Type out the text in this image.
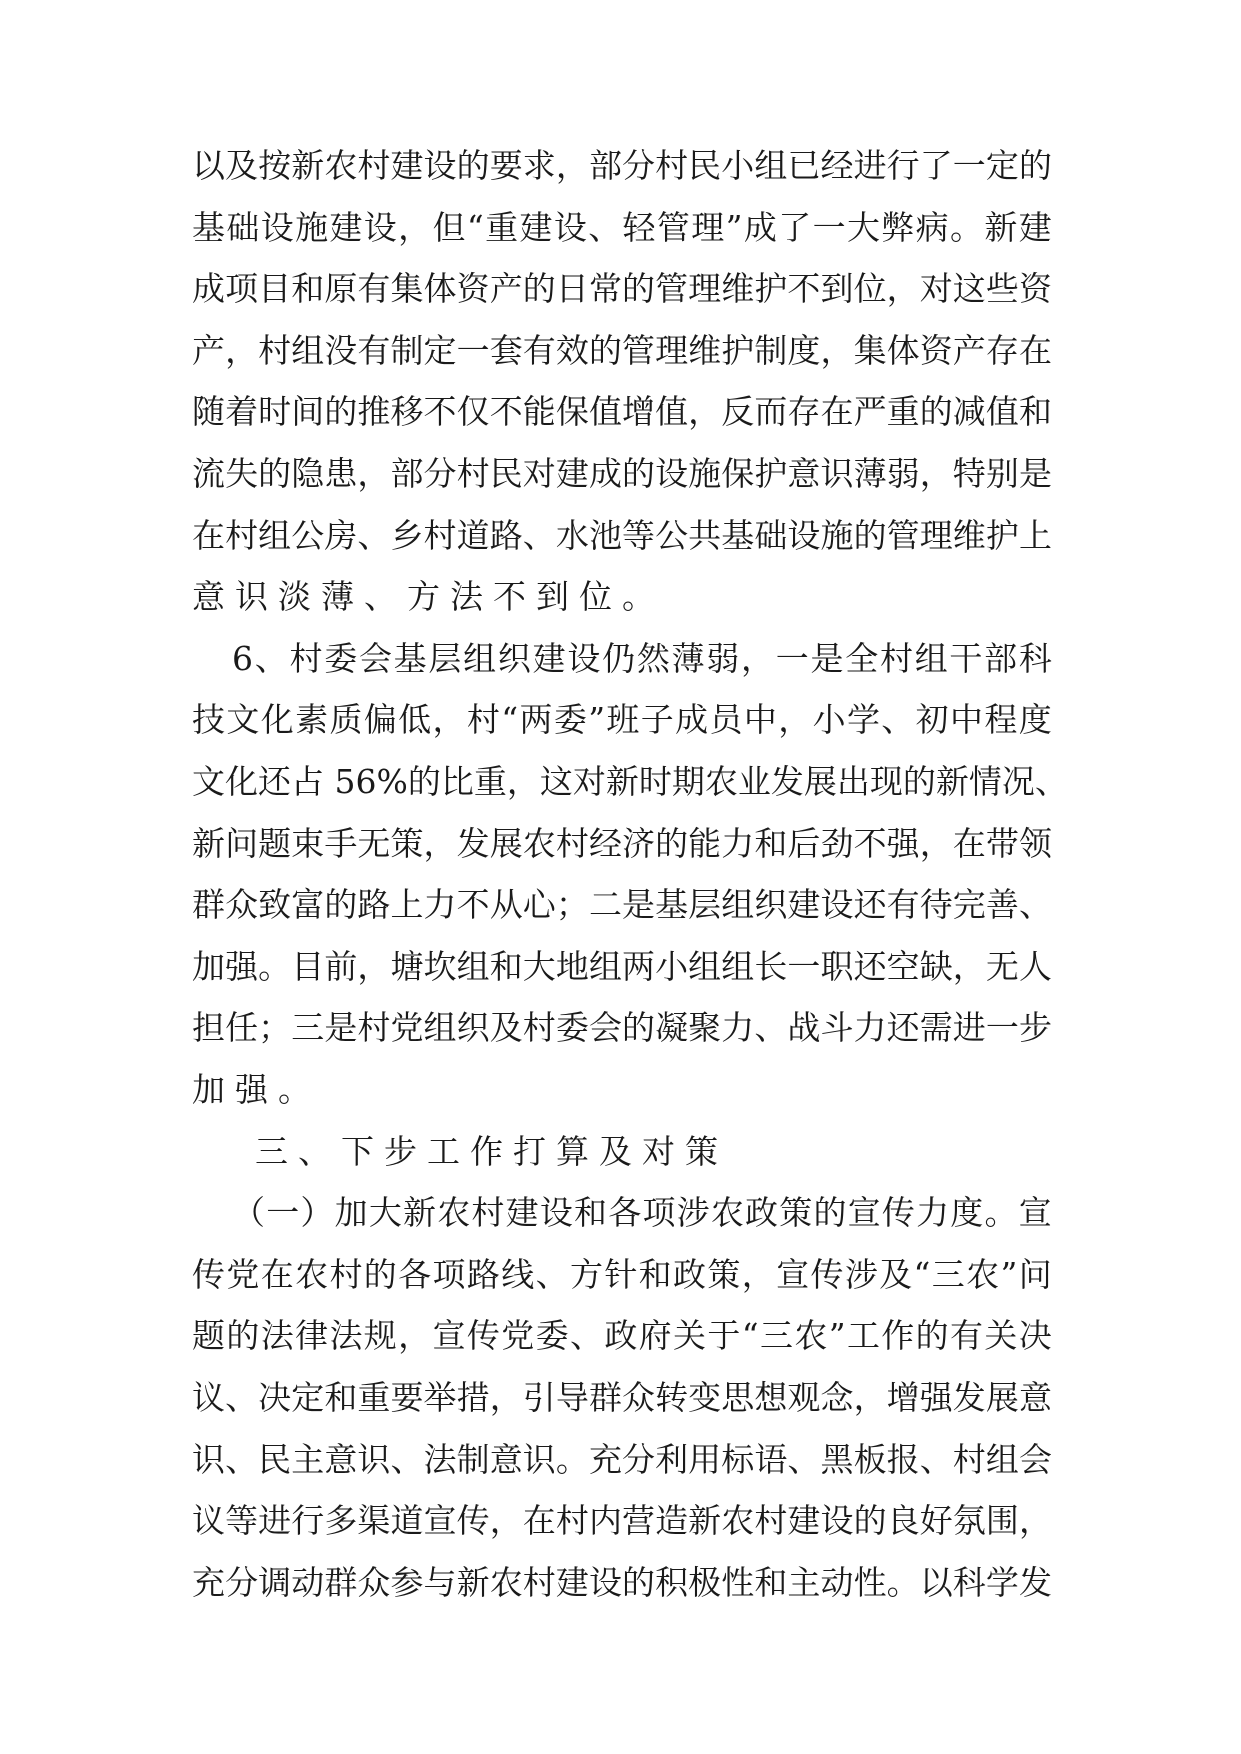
以 及 按 新 农 村 建 设 的 要 求 ， 部 分 村 民 小 组 已 经 进 行 了 一 定 的
基 础 设 施 建 设 ， 但 “ 重 建 设 、 轻 管 理 ” 成 了 一 大 弊 病 。 新 建
成 项 目 和 原 有 集 体 资 产 的 日 常 的 管 理 维 护 不 到 位 ， 对 这 些 资
产 ， 村 组 没 有 制 定 一 套 有 效 的 管 理 维 护 制 度 ， 集 体 资 产 存 在
随 着 时 间 的 推 移 不 仅 不 能 保 值 增 值 ， 反 而 存 在 严 重 的 减 值 和
流 失 的 隐 患 ， 部 分 村 民 对 建 成 的 设 施 保 护 意 识 薄 弱 ， 特 别 是
在 村 组 公 房 、 乡 村 道 路 、 水 池 等 公 共 基 础 设 施 的 管 理 维 护 上
意 识 淡 薄 、 方 法 不 到 位 。
6 、 村 委 会 基 层 组 织 建 设 仍 然 薄 弱 ， 一 是 全 村 组 干 部 科
技 文 化 素 质 偏 低 ， 村 “ 两 委 ” 班 子 成 员 中 ， 小 学 、 初 中 程 度
文 化 还 占
56% 的 比 重 ， 这 对 新 时 期 农 业 发 展 出 现 的 新 情 况 、
新 问 题 束 手 无 策 ， 发 展 农 村 经 济 的 能 力 和 后 劲 不 强 ， 在 带 领
群 众 致 富 的 路 上 力 不 从 心 ； 二 是 基 层 组 织 建 设 还 有 待 完 善 、
加 强 。 目 前 ， 塘 坎 组 和 大 地 组 两 小 组 组 长 一 职 还 空 缺 ， 无 人
担 任 ； 三 是 村 党 组 织 及 村 委 会 的 凝 聚 力 、 战 斗 力 还 需 进 一 步
加 强 。
三 、 下 步 工 作 打 算 及 对 策
（ 一 ） 加 大 新 农 村 建 设 和 各 项 涉 农 政 策 的 宣 传 力 度 。 宣
传 党 在 农 村 的 各 项 路 线 、 方 针 和 政 策 ， 宣 传 涉 及 “ 三 农 ” 问
题 的 法 律 法 规 ， 宣 传 党 委 、 政 府 关 于 “ 三 农 ” 工 作 的 有 关 决
议 、 决 定 和 重 要 举 措 ， 引 导 群 众 转 变 思 想 观 念 ， 增 强 发 展 意
识 、 民 主 意 识 、 法 制 意 识 。 充 分 利 用 标 语 、 黑 板 报 、 村 组 会
议 等 进 行 多 渠 道 宣 传 ， 在 村 内 营 造 新 农 村 建 设 的 良 好 氛 围 ，
充 分 调 动 群 众 参 与 新 农 村 建 设 的 积 极 性 和 主 动 性 。 以 科 学 发
